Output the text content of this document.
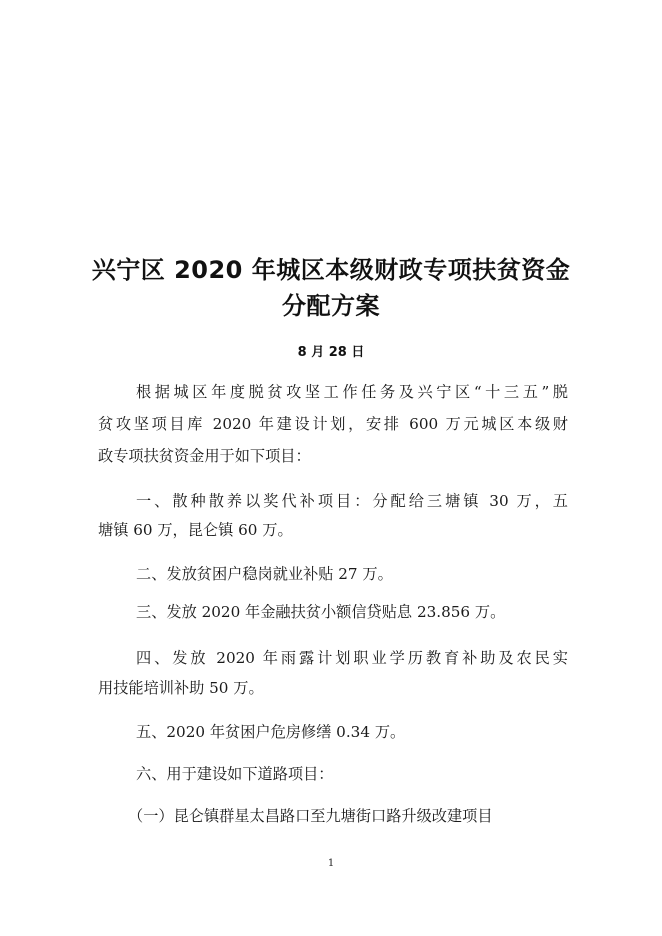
兴宁区 2020 年城区本级财政专项扶贫资金
分配方案
8 月 28 日
根据城区年度脱贫攻坚工作任务及兴宁区“十三五”脱
贫攻坚项目库 2020 年建设计划，安排 600 万元城区本级财
政专项扶贫资金用于如下项目：
一、散种散养以奖代补项目：分配给三塘镇 30 万，五
塘镇 60 万，昆仑镇 60 万。
二、发放贫困户稳岗就业补贴 27 万。
三、发放 2020 年金融扶贫小额信贷贴息 23.856 万。
四、发放 2020 年雨露计划职业学历教育补助及农民实
用技能培训补助 50 万。
五、2020 年贫困户危房修缮 0.34 万。
六、用于建设如下道路项目：
（一）昆仑镇群星太昌路口至九塘街口路升级改建项目
1
